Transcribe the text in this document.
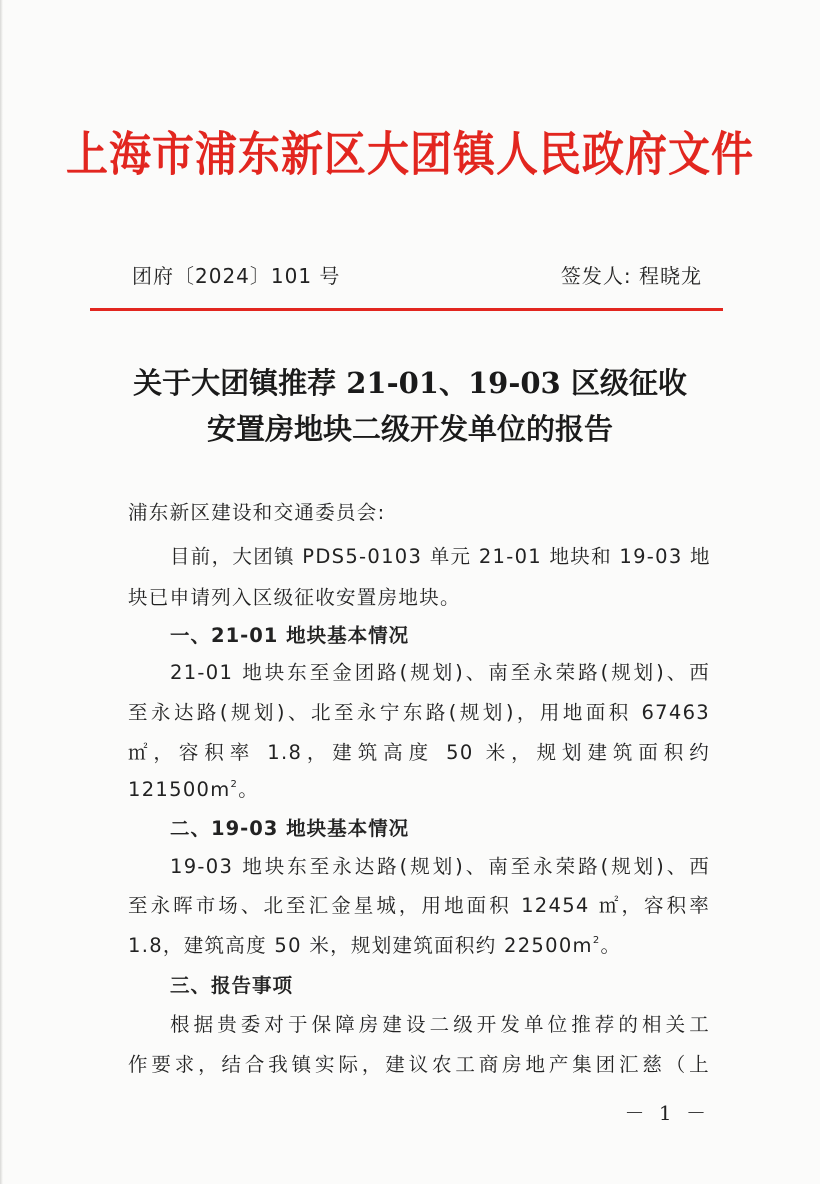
上海市浦东新区大团镇人民政府文件
团府〔2024〕101 号	签发人: 程晓龙
关于大团镇推荐 21-01、19-03 区级征收
安置房地块二级开发单位的报告
浦东新区建设和交通委员会:
目前，大团镇 PDS5-0103 单元 21-01 地块和 19-03 地
块已申请列入区级征收安置房地块。
一、21-01 地块基本情况
21-01 地块东至金团路(规划)、南至永荣路(规划)、西
至永达路(规划)、北至永宁东路(规划)，用地面积 67463
㎡，容积率 1.8，建筑高度 50 米，规划建筑面积约
$121500m^2$。
二、19-03 地块基本情况
19-03 地块东至永达路(规划)、南至永荣路(规划)、西
至永晖市场、北至汇金星城，用地面积 12454 ㎡，容积率
1.8，建筑高度 50 米，规划建筑面积约 $22500m^2$。
三、报告事项
根据贵委对于保障房建设二级开发单位推荐的相关工
作要求，结合我镇实际，建议农工商房地产集团汇慈（上
－ 1 －
